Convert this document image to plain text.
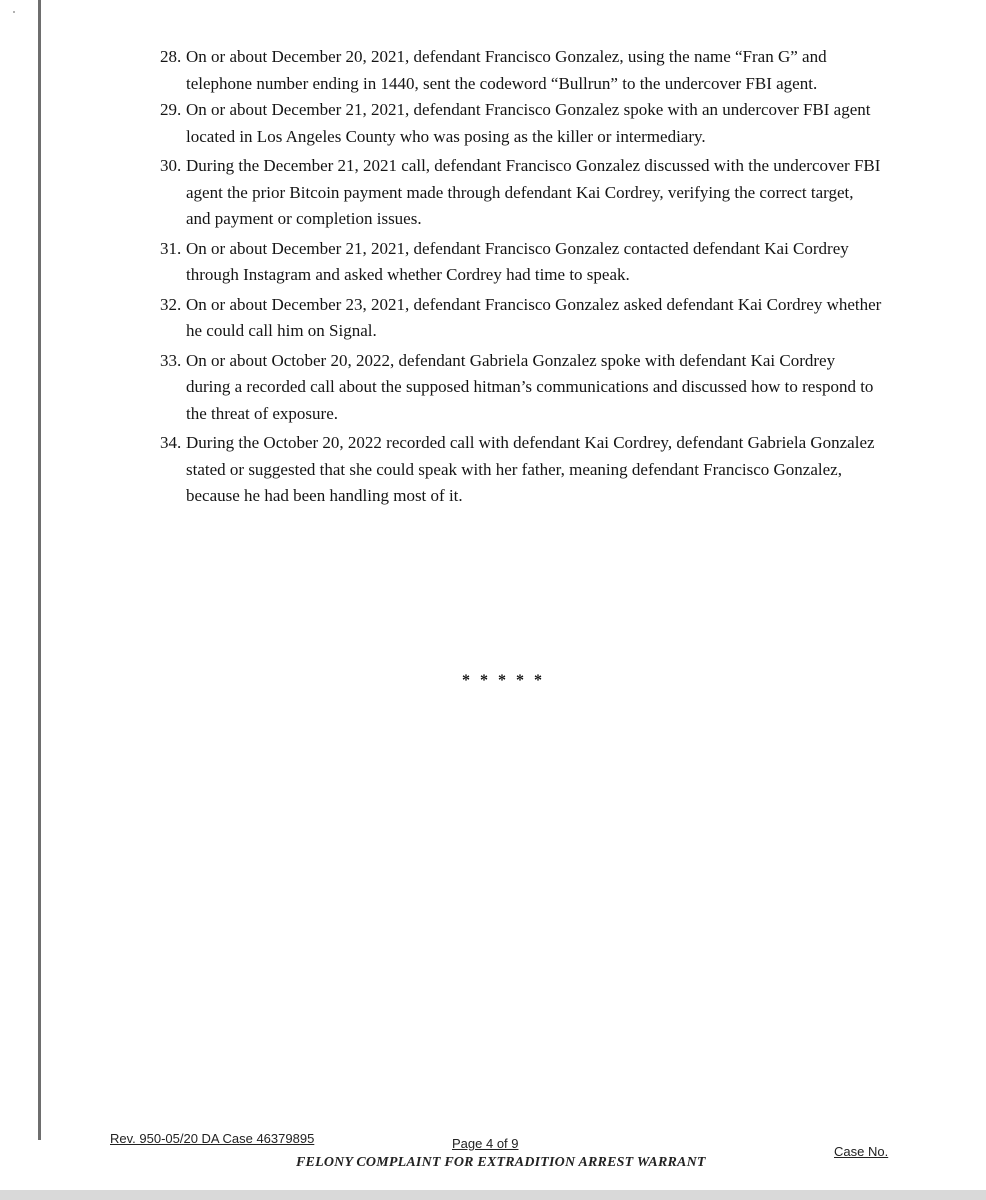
28. On or about December 20, 2021, defendant Francisco Gonzalez, using the name “Fran G” and
telephone number ending in 1440, sent the codeword “Bullrun” to the undercover FBI agent.
29. On or about December 21, 2021, defendant Francisco Gonzalez spoke with an undercover FBI agent
located in Los Angeles County who was posing as the killer or intermediary.
30. During the December 21, 2021 call, defendant Francisco Gonzalez discussed with the undercover FBI
agent the prior Bitcoin payment made through defendant Kai Cordrey, verifying the correct target,
and payment or completion issues.
31. On or about December 21, 2021, defendant Francisco Gonzalez contacted defendant Kai Cordrey
through Instagram and asked whether Cordrey had time to speak.
32. On or about December 23, 2021, defendant Francisco Gonzalez asked defendant Kai Cordrey whether
he could call him on Signal.
33. On or about October 20, 2022, defendant Gabriela Gonzalez spoke with defendant Kai Cordrey
during a recorded call about the supposed hitman’s communications and discussed how to respond to
the threat of exposure.
34. During the October 20, 2022 recorded call with defendant Kai Cordrey, defendant Gabriela Gonzalez
stated or suggested that she could speak with her father, meaning defendant Francisco Gonzalez,
because he had been handling most of it.
* * * * *
Rev. 950-05/20 DA Case 46379895	Page 4 of 9
Case No.
FELONY COMPLAINT FOR EXTRADITION ARREST WARRANT
